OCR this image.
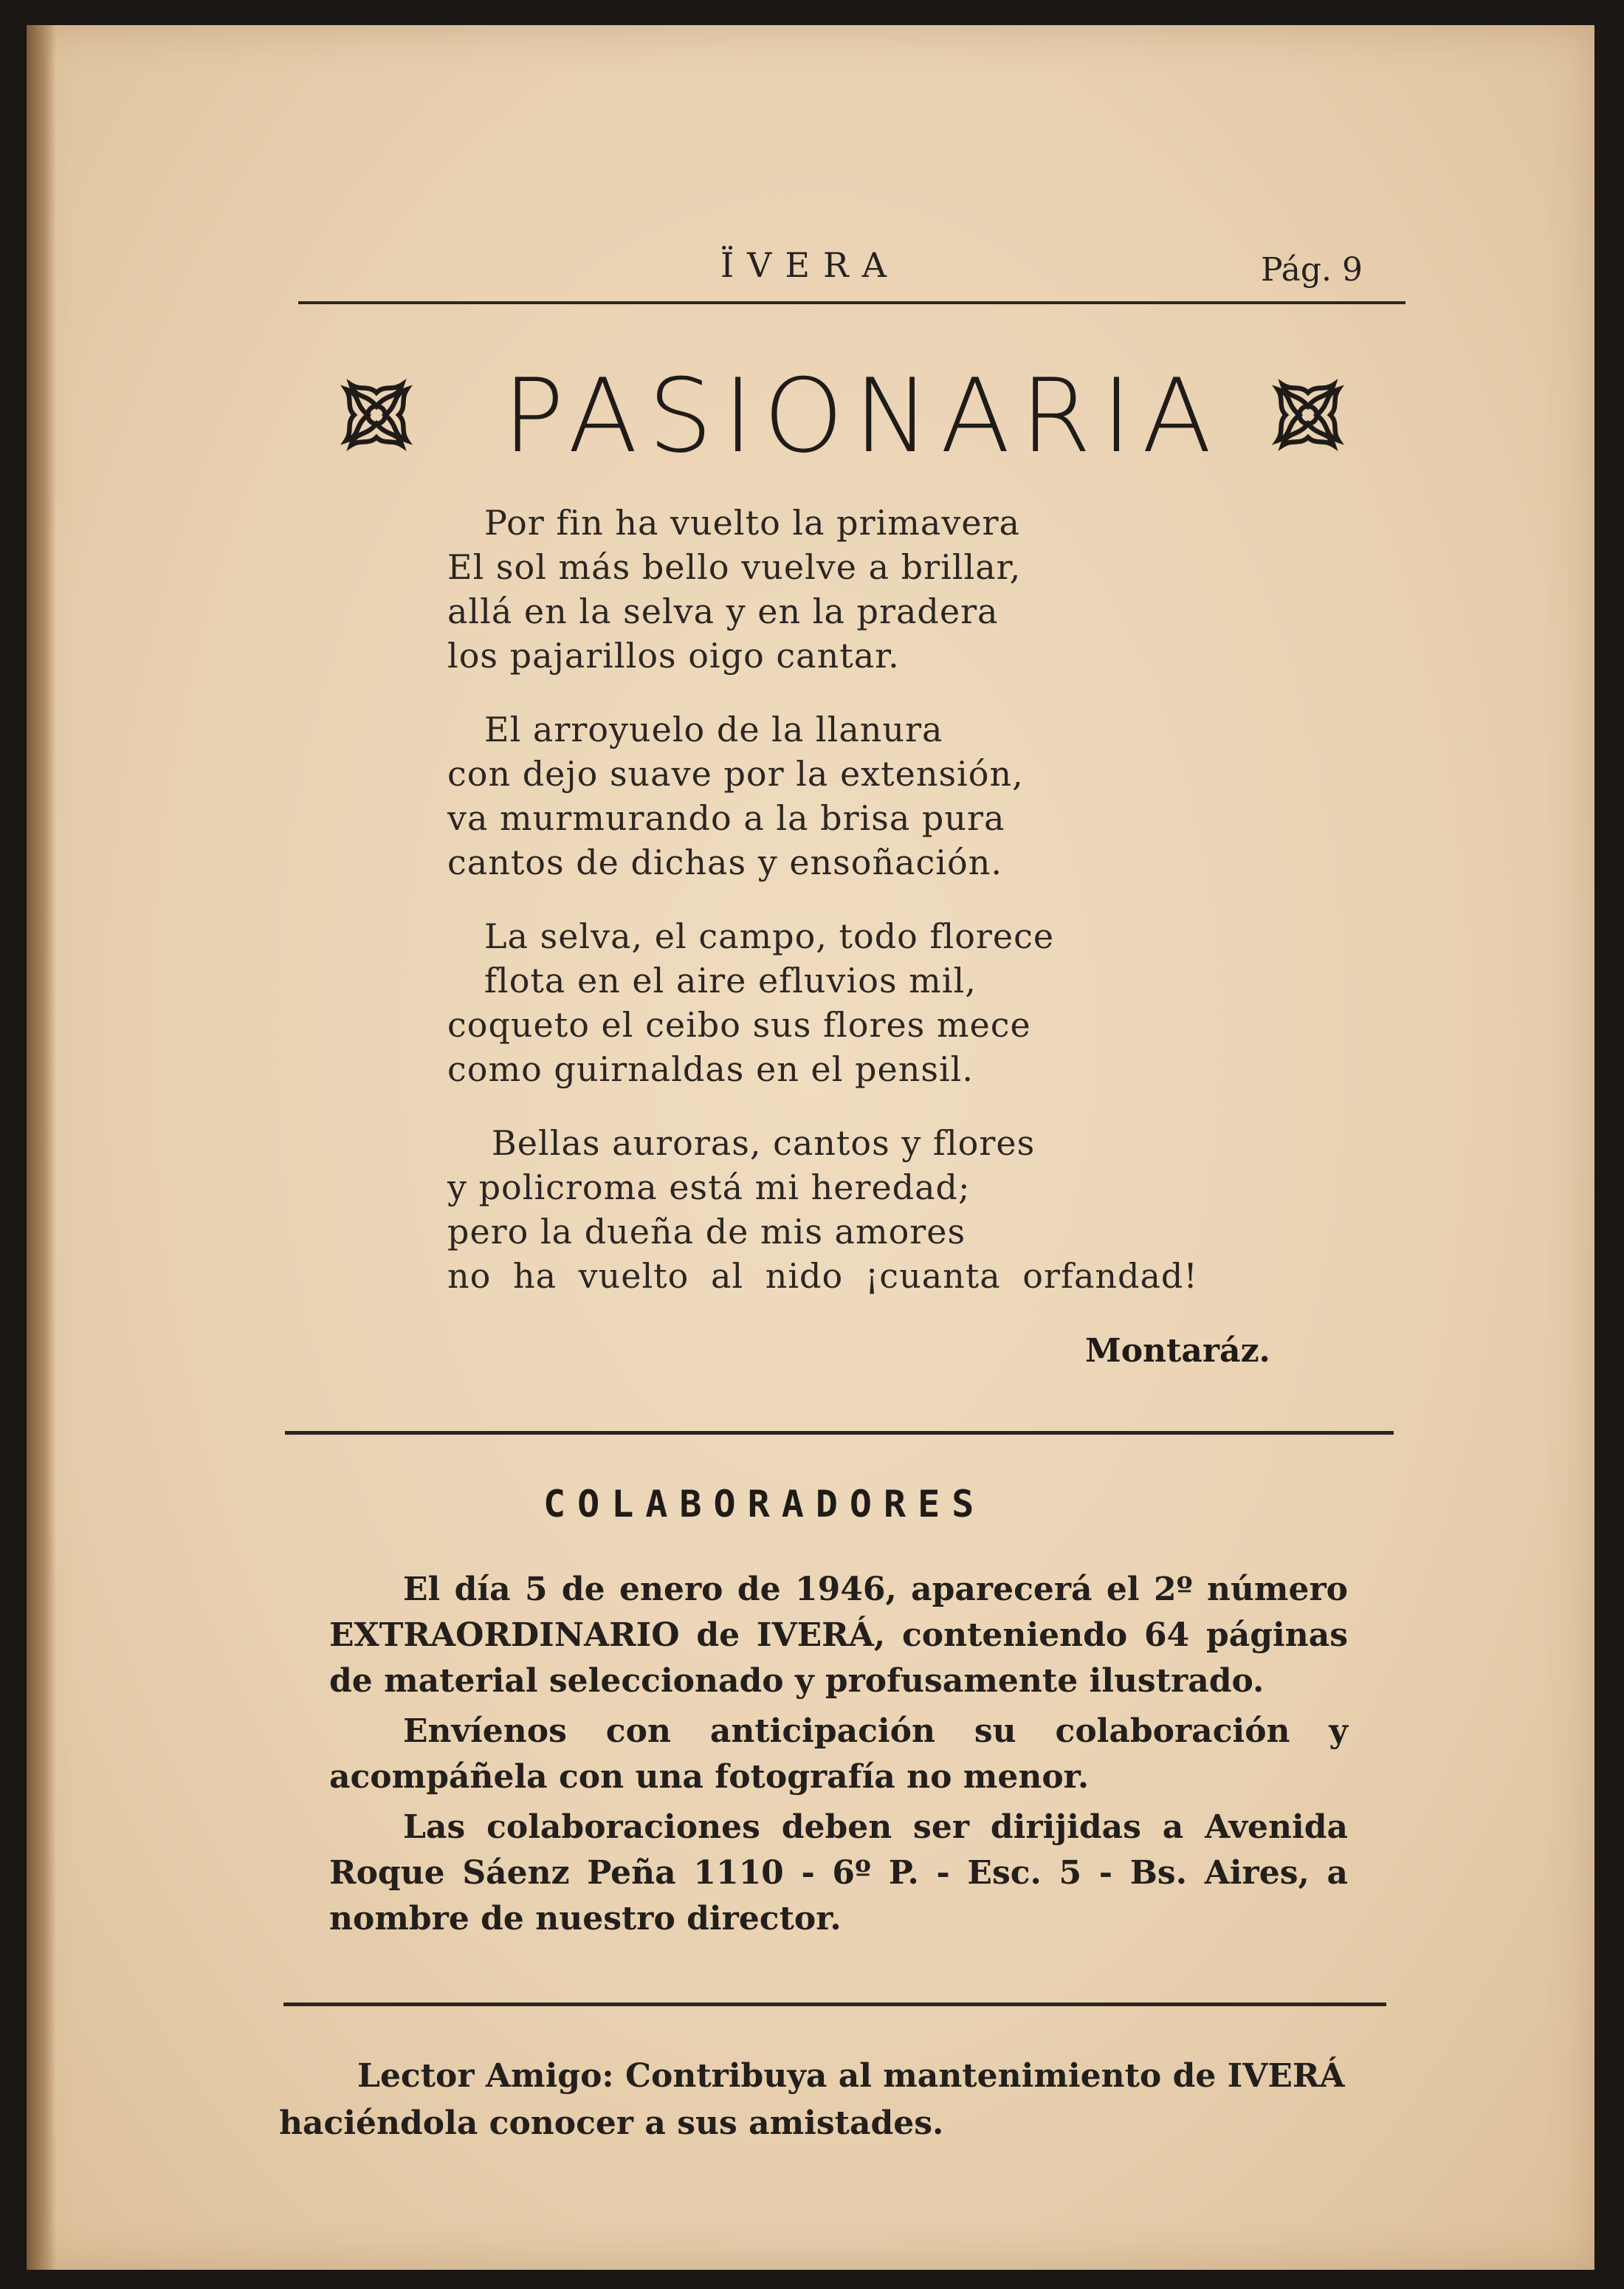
ÏVERA	Pág. 9
PASIONARIA
Por fin ha vuelto la primavera
El sol más bello vuelve a brillar,
allá en la selva y en la pradera
los pajarillos oigo cantar.
El arroyuelo de la llanura
con dejo suave por la extensión,
va murmurando a la brisa pura
cantos de dichas y ensoñación.
La selva, el campo, todo florece
flota en el aire efluvios mil,
coqueto el ceibo sus flores mece
como guirnaldas en el pensil.
Bellas auroras, cantos y flores
y policroma está mi heredad;
pero la dueña de mis amores
no ha vuelto al nido ¡cuanta orfandad!
Montaráz.
COLABORADORES

El día 5 de enero de 1946, aparecerá el 2º número EXTRAORDINARIO de IVERÁ, conteniendo 64 páginas de material seleccionado y profusamente ilustrado.

Envíenos con anticipación su colaboración y acompáñela con una fotografía no menor.

Las colaboraciones deben ser dirijidas a Avenida Roque Sáenz Peña 1110 - 6º P. - Esc. 5 - Bs. Aires, a nombre de nuestro director.

Lector Amigo: Contribuya al mantenimiento de IVERÁ haciéndola conocer a sus amistades.
